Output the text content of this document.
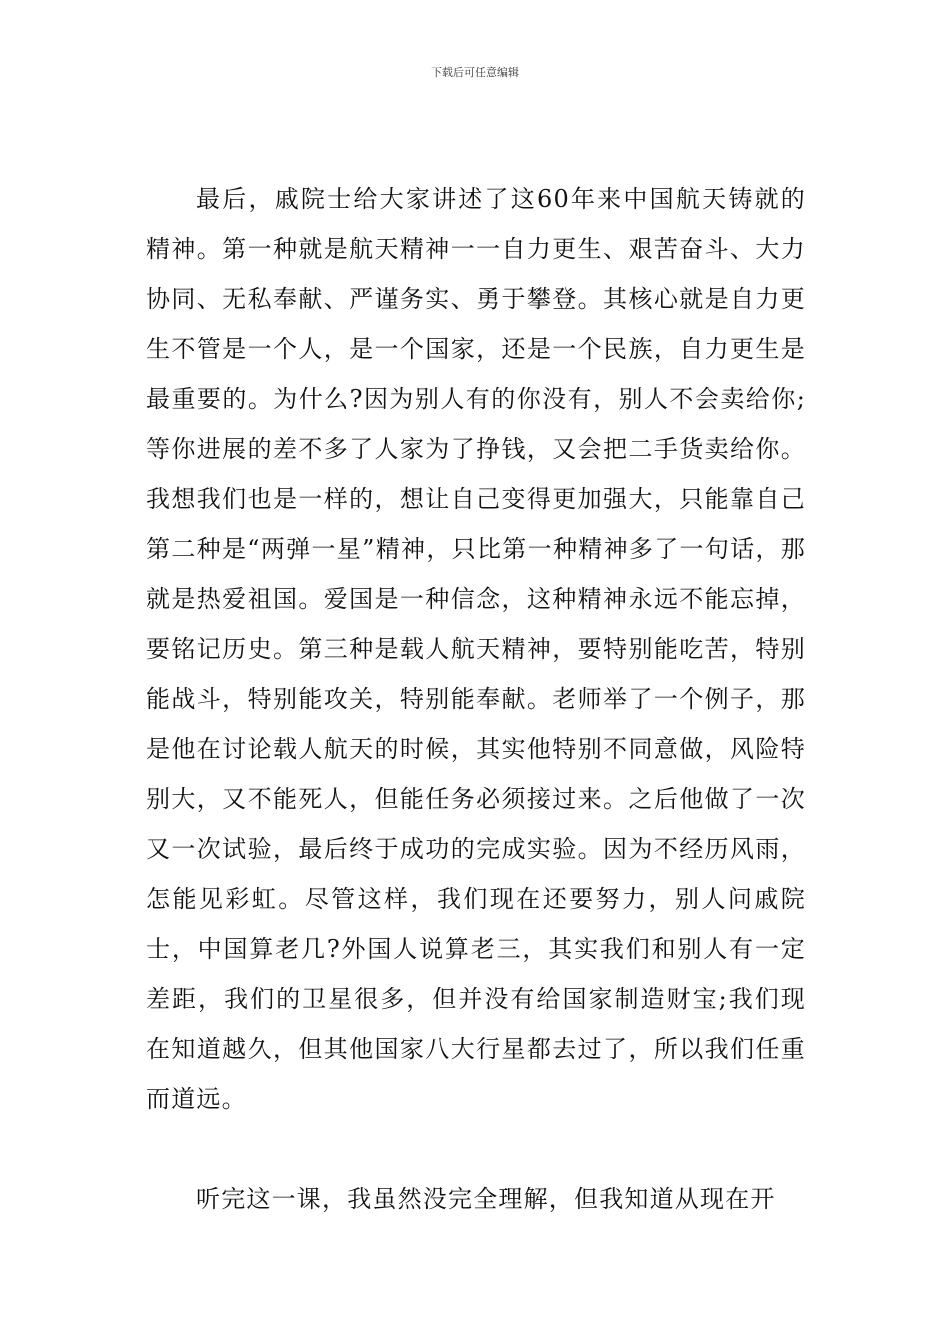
下载后可任意编辑

最后，戚院士给大家讲述了这60年来中国航天铸就的精神。第一种就是航天精神一一自力更生、艰苦奋斗、大力协同、无私奉献、严谨务实、勇于攀登。其核心就是自力更生不管是一个人，是一个国家，还是一个民族，自力更生是最重要的。为什么?因为别人有的你没有，别人不会卖给你;等你进展的差不多了人家为了挣钱，又会把二手货卖给你。我想我们也是一样的，想让自己变得更加强大，只能靠自己第二种是“两弹一星”精神，只比第一种精神多了一句话，那就是热爱祖国。爱国是一种信念，这种精神永远不能忘掉，要铭记历史。第三种是载人航天精神，要特别能吃苦，特别能战斗，特别能攻关，特别能奉献。老师举了一个例子，那是他在讨论载人航天的时候，其实他特别不同意做，风险特别大，又不能死人，但能任务必须接过来。之后他做了一次又一次试验，最后终于成功的完成实验。因为不经历风雨，怎能见彩虹。尽管这样，我们现在还要努力，别人问戚院士，中国算老几?外国人说算老三，其实我们和别人有一定差距，我们的卫星很多，但并没有给国家制造财宝;我们现在知道越久，但其他国家八大行星都去过了，所以我们任重而道远。

听完这一课，我虽然没完全理解，但我知道从现在开
